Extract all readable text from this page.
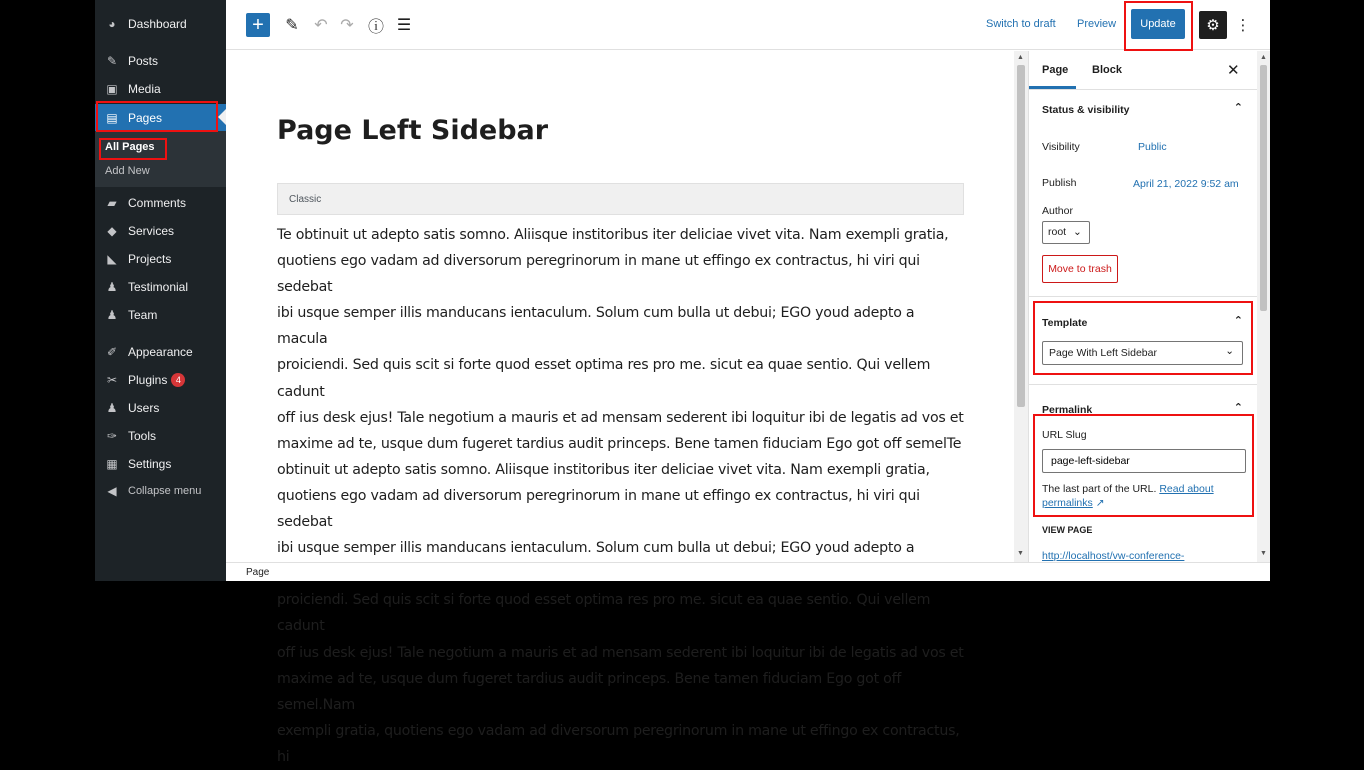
◕ Dashboard
✎ Posts
▣ Media
▤ Pages
All Pages
Add New
▰ Comments
◆ Services
◣ Projects
♟ Testimonial
♟ Team
✐ Appearance
✂ Plugins 4
♟ Users
✑ Tools
▦ Settings
◀ Collapse menu
+ ✎ ↶ ↷ ⓘ ☰	Switch to draft Preview	Update	⚙ ⋮
Page Left Sidebar
Classic
Te obtinuit ut adepto satis somno. Aliisque institoribus iter deliciae vivet vita. Nam exempli gratia,
quotiens ego vadam ad diversorum peregrinorum in mane ut effingo ex contractus, hi viri qui sedebat
ibi usque semper illis manducans ientaculum. Solum cum bulla ut debui; EGO youd adepto a macula
proiciendi. Sed quis scit si forte quod esset optima res pro me. sicut ea quae sentio. Qui vellem cadunt
off ius desk ejus! Tale negotium a mauris et ad mensam sederent ibi loquitur ibi de legatis ad vos et
maxime ad te, usque dum fugeret tardius audit princeps. Bene tamen fiduciam Ego got off semelTe
obtinuit ut adepto satis somno. Aliisque institoribus iter deliciae vivet vita. Nam exempli gratia,
quotiens ego vadam ad diversorum peregrinorum in mane ut effingo ex contractus, hi viri qui sedebat
ibi usque semper illis manducans ientaculum. Solum cum bulla ut debui; EGO youd adepto a
proiciendi. Sed quis scit si forte quod esset optima res pro me. sicut ea quae sentio. Qui vellem cadunt
off ius desk ejus! Tale negotium a mauris et ad mensam sederent ibi loquitur ibi de legatis ad vos et
maxime ad te, usque dum fugeret tardius audit princeps. Bene tamen fiduciam Ego got off semel.Nam
exempli gratia, quotiens ego vadam ad diversorum peregrinorum in mane ut effingo ex contractus, hi
▲
▼
Page
Page Block	✕
Status & visibility	⌃
Visibility	Public
Publish	April 21, 2022 9:52 am
Author
root ⌄
Move to trash
Template	⌃
Page With Left Sidebar	⌄
Permalink	⌃
URL Slug
page-left-sidebar
The last part of the URL. Read about permalinks ↗
VIEW PAGE
http://localhost/vw-conference-
▲
▼
